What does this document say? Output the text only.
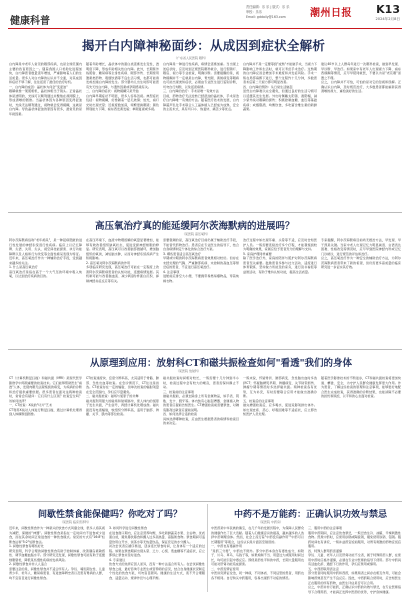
健康科普
责任编辑：乐 乐 | 版式：乐 乐
审校：乐乐
Email: gddaily@163.com	潮州日报 K13
2024年2月8日
揭开白内障神秘面纱：从成因到症状全解析
（广东省人民医院 眼科）
白内障是中老年人常见的眼部疾病，也是全球范围内主要的致盲原因之一。随着我国人口老龄化进程加快，白内障患者数量逐年增加，严重影响着人们的生活质量。很多人对白内障的认识并不全面，对其成因和症状不够了解，往往延误了最佳的治疗时机。
一、白内障的成因：晶状体为何会"变混浊"
眼睛就像一架照相机，晶状体相当于镜头。正常晶状体是透明的，光线可以顺利通过并聚焦在视网膜上，形成清晰的图像。当晶状体因为各种原因变得混浊时，光线无法顺利通过，视物就会变得模糊，这就是白内障。导致晶状体混浊的原因有很多，最常见的是年龄因素。
随着年龄增长，晶状体中的蛋白质逐渐发生变性，透明度下降，形成年龄相关性白内障。此外，长期紫外线照射、糖尿病等全身性疾病、眼部外伤、长期使用激素类药物、吸烟饮酒等不良生活习惯，也都可能诱发或加速白内障的发生。部分婴幼儿出生时即可能患有先天性白内障，与遗传因素或孕期感染有关。
二、白内障的症状：视物模糊只是开始
白内障早期症状不明显，很多人容易忽视。典型症状包括：视物模糊，好像隔着一层毛玻璃；怕光，看灯光时出现光晕；近视度数加深，频繁更换眼镜；颜色辨别能力下降，看东西发黄发暗；单眼复视或多视。
白内障是一种进行性疾病，病情会逐渐加重。当出现上述症状时，应及时到正规医院眼科就诊，进行裂隙灯、眼底、视力等专业检查，明确诊断。需要提醒的是，视物模糊并不一定就是白内障，青光眼、黄斑病变等眼病也可能出现类似症状，必须由专业医生进行鉴别诊断，切勿自行判断，以免延误病情。
三、白内障的治疗：手术是唯一有效方法
目前，药物治疗无法逆转已经混浊的晶状体，手术是治疗白内障唯一有效的方法。随着医疗技术的发展，白内障超声乳化手术联合人工晶体植入已经成为成熟、安全的主流术式，具有切口小、恢复快、痛苦少等优点。
白内障并不是一定要等到"成熟"才能做手术，当视力下降影响工作和生活时，就可以考虑手术治疗。过熟期的白内障反而会增加手术难度和并发症风险。手术一般在局部麻醉下进行，整个过程约十几分钟，多数患者术后第二天视力即可明显改善。
四、白内障的预防：从日常生活做起
虽然白内障难以完全避免，但通过良好的生活习惯可以延缓其发生发展。外出时佩戴太阳镜、遮阳帽，减少紫外线对眼睛的损伤；积极控制血糖、血压等基础疾病；戒烟限酒，均衡饮食，多吃富含维生素的新鲜蔬果。
建议40岁以上人群每年进行一次眼科检查，做到早发现、早诊断、早治疗。如果家中有老年人出现视力下降、看东西模糊等情况，应尽早陪同就医，不要以为是"老花眼"而置之不理。
总之，白内障并不可怕，可怕的是对它的忽视和误解。正确认识白内障，及时规范治疗，大多数患者都能重新获得清晰的视力，重拾美好的生活。
高压氧治疗真的能延缓阿尔茨海默病的进展吗？
（某医院 高压氧科）
阿尔茨海默病俗称"老年痴呆"，是一种起病隐匿的进行性发展的神经系统退行性疾病。临床上以记忆障碍、失语、失用、失认、视空间技能损害、执行功能障碍以及人格和行为改变等全面性痴呆表现为特征。近年来，高压氧治疗作为一种辅助治疗手段，受到越来越多的关注。
1. 什么是高压氧治疗
高压氧治疗是指在高于一个大气压的环境中吸入纯氧，以达到治疗疾病的目的。
在高压环境下，血液中物理溶解的氧量显著增加，能够有效改善组织缺氧状态，促进受损神经细胞的修复。研究表明，高压氧可以改善脑部微循环，增加脑组织的氧供，减轻脑水肿，从而对神经系统疾病产生积极影响。
2. 高压氧对阿尔茨海默病的作用
多项临床研究发现，高压氧治疗可能在一定程度上改善阿尔茨海默病患者的认知功能，延缓病情进展。其机制可能与改善脑血流、减少β淀粉样蛋白沉积、抑制神经炎症反应等有关。
需要强调的是，高压氧治疗目前仍属于辅助治疗手段，不能替代药物治疗。患者应在专业医生的指导下，结合自身病情制定个体化的综合治疗方案。
3. 哪些患者适合高压氧治疗
早期或中期的阿尔茨海默病患者效果相对较好。但存在未经处理的气胸、严重肺部疾病、未控制的高血压等禁忌症的患者，不宜进行高压氧治疗。
4. 注意事项
进舱前应排空大小便，不要携带易燃易爆物品，穿着纯棉衣物。
治疗过程中如出现耳痛、头晕等不适，应及时告知医护人员。一般需要连续治疗多个疗程，才能观察到较为明确的效果，家属应给予患者充分的理解与支持。
5. 家庭护理同样重要
除了医学治疗外，家庭的陪伴与照护对阿尔茨海默病患者至关重要。鼓励患者多参与社交活动、适度进行体育锻炼、坚持做力所能及的家务，进行读书看报等益智活动，有助于维持认知功能，提高生活质量。
专家提醒，阿尔茨海默病目前尚无根治方法，早发现、早干预是关键。当家中老人出现记忆力明显减退、言语表达困难、性格改变等情况时，应尽早到医院神经内科或记忆门诊就诊，进行规范的评估和治疗。
总之，高压氧治疗作为一种安全的辅助治疗方法，为阿尔茨海默病患者带来了新的希望，但仍需更多高质量的临床研究进一步证实其疗效。
从原理到应用：放射科CT和磁共振检查如何"看透"我们的身体
（某医院 放射科）
CT（计算机断层扫描）和磁共振（MRI）是现代医学影像学中两项重要的检查技术。它们能够帮助医生"看透"人体，发现肉眼无法观察到的病变，为疾病的诊断和治疗提供重要依据。很多患者在面对这两种检查时，常常会有疑问：它们有什么区别？检查安全吗？该如何选择？
一、CT检查：X线的"切片"艺术
CT利用X线对人体进行断层扫描，通过计算机处理得到人体横断面图像。
CT检查速度快、密度分辨率高，尤其适用于骨骼、肺部、急性出血等检查。在急诊情况下，CT往往是首选。CT检查存在一定的辐射，但单次检查的辐射剂量在安全范围内，孕妇应尽量避免。
二、磁共振检查：磁场与氢原子的共舞
磁共振利用强大的磁场和射频脉冲，使人体内的氢原子发生共振，产生信号，再经计算机处理成像。磁共振没有电离辐射，软组织分辨率高，适用于脑部、脊髓、关节、肌肉等部位检查。
磁共振检查时间相对较长，一般需要十几分钟到半小时，检查过程中会有较大的噪音，患者需保持静止不动。
三、检查前的注意事项
做磁共振前，必须去除身上所有金属物品，如手表、钥匙、发卡、假牙等。体内装有心脏起搏器、金属植入物的患者应提前告知医生。CT增强检查前需要禁食，对碘造影剂过敏者应提前说明。
四、如何选择合适的检查
具体选择哪种检查，应由医生根据患者的病情和检查目的来决定。
一般来说，怀疑骨折、肺部病变、急性脑出血时多选择CT；怀疑脑梗死早期、脊髓病变、关节韧带损伤、肿瘤分期等情况时多选择磁共振。两种检查各有优势，互为补充，有时需要联合应用才能做出准确诊断。
五、检查后的注意事项
做完增强检查后，应多喝水，促进造影剂排出体外。如出现皮疹、恶心、呼吸困难等不适症状，应立即告知医护人员处理。
随着医学影像技术的不断进步，CT和磁共振检查将更加快速、精准、安全，为守护人民群众健康发挥更大作用。作为患者，了解这些检查的原理和注意事项，能够更好地配合医生完成检查，获得准确的诊断结果，也能消除不必要的担忧和顾虑，以平和的心态面对检查。
间歇性禁食能保健吗？你吃对了吗？
（某医院 临床营养科）
近年来，间歇性禁食作为一种新兴的饮食方式风靡全球，很多人将其视为减肥、保健的"神器"。间歇性禁食是指在一定时间内不进食或少进食，而在其余时间正常进食的一种饮食模式。常见的方式有"16:8"轻断食法和"5:2"轻断食法。
1. 间歇性禁食有哪些好处
研究表明，科学合理的间歇性禁食有助于控制体重、改善胰岛素敏感性、调节血糖血脂水平。部分研究还发现，间歇性禁食可能有助于延缓细胞衰老，降低某些慢性疾病的发病风险。
2. 间歇性禁食并非人人适合
需要注意的是，间歇性禁食并不适合所有人。孕妇、哺乳期女性、儿童青少年、老年人、糖尿病患者、有进食障碍史者以及患有胃病的人群，均不宜盲目进行间歇性禁食。
3. 如何科学进行间歇性禁食
在进食窗口期内，应注意营养均衡，多吃新鲜蔬菜水果、全谷物、优质蛋白质，避免暴饮暴食和摄入过多高热量、高脂肪食物。禁食期间可适量饮用白开水、淡茶水等无热量饮品，保证充足的水分摄入。
初次尝试者应循序渐进，逐步延长禁食时间，让身体有一个适应的过程。如果在禁食期间出现头晕、乏力、心慌、低血糖等不适症状，应立即停止禁食并及时进食。
4. 专家建议
饮食方式的选择应因人而异，没有一种方法适合所有人。在尝试间歇性禁食之前，最好咨询专业医生或营养师的意见，结合自身健康状况制定个性化的饮食方案，切勿盲目跟风。健康的生活方式，离不开合理膳食、适量运动、规律作息与心理平衡。
中药不是万能药：正确认识功效与禁忌
（某医院 中药房）
中医药是中华民族的瑰宝，在几千年的发展历程中，为保障人民群众的健康作出了巨大贡献。随着人们健康意识的提高，越来越多的人选择中药调理身体。然而，社会上流行着"中药没有副作用""中药可以长期服用"等观念，这些认识是片面甚至错误的。
一、中药也有毒副作用
"是药三分毒"，中药也不例外。部分中药本身含有毒性成分，如附子、川乌、草乌、马钱子等，如果炮制不当、用量过大或服用时间过长，均可能引起中毒反应。即使是药性平和的中药，长期大量服用也可能对肝肾功能造成损害。
二、中药需辨证使用
中医讲究辨证论治，同一种病，不同体质、不同证型的患者，用药也各不相同。自行购买中药服用，容易出现药不对症的情况。
三、服用中药的注意事项
服用中药期间，应注意饮食禁忌，一般忌食生冷、油腻、辛辣刺激性食物。煎煮中药时，应使用砂锅或陶瓷锅，避免使用铁锅、铝锅。服药时间也有讲究，一般补益药宜饭前服用，对胃有刺激的药物宜饭后服用。
四、特殊人群用药需谨慎
孕妇、儿童、老年人以及肝肾功能不全者，属于特殊用药人群，在使用中药时应格外谨慎，必须在专业中医师的指导下使用。部分中药具有活血化瘀、通经下行的作用，孕妇应禁用或慎用。
五、中西药联用需注意
部分患者同时服用中药和西药，如果两者之间存在相互作用，可能会影响药效甚至产生不良反应。因此，中西药联合使用时，应告知医生正在服用的所有药物，由医生评估是否可以合用。
总之，中药并非万能药，正确认识中药的功效与禁忌，在专业医师指导下合理用药，才能真正发挥中医药的优势，守护身体健康。
